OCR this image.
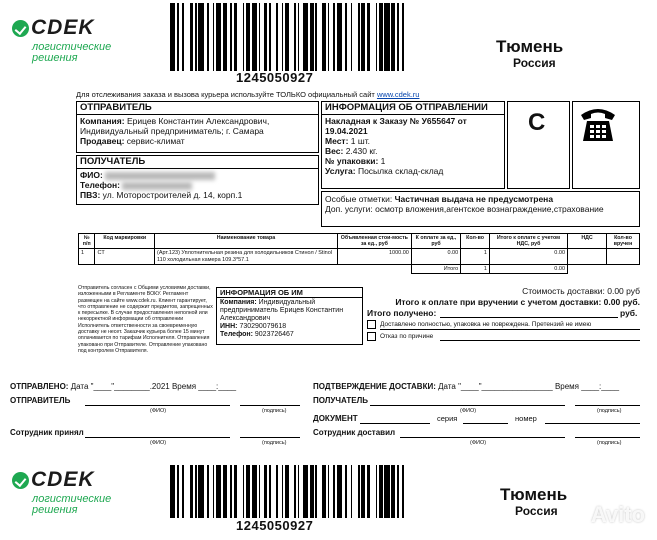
CDEK
логистические
решения
1245050927
Тюмень
Россия
Для отслеживания заказа и вызова курьера используйте ТОЛЬКО официальный сайт www.cdek.ru
ОТПРАВИТЕЛЬ
Компания: Ерицев Константин Александрович, Индивидуальный предприниматель; г. Самара
Продавец: сервис-климат
ПОЛУЧАТЕЛЬ
ФИО:
Телефон:
ПВЗ: ул. Моторостроителей д. 14, корп.1
ИНФОРМАЦИЯ ОБ ОТПРАВЛЕНИИ
Накладная к Заказу № У655647 от 19.04.2021
Мест: 1 шт.
Вес: 2.430 кг.
№ упаковки: 1
Услуга: Посылка склад-склад
C
Особые отметки: Частичная выдача не предусмотрена
Доп. услуги: осмотр вложения,агентское вознаграждение,страхование
№ п/п	Код маркировки	Наименование товара	Объявленная стои-мость за ед., руб	К оплате за ед., руб	Кол-во	Итого к оплате с учетом НДС, руб	НДС	Кол-во вручен
1	CT	(Арт.123) Уплотнительная резина для холодильников Стинол / Stinol 110 холодильная камера 109.3*57.1	1000.00	0.00	1	0.00		
				Итого	1	0.00		
Отправитель согласен с Общими условиями доставки, изложенными в Регламенте ВОКУ. Регламент размещен на сайте www.cdek.ru. Клиент гарантирует, что отправление не содержит предметов, запрещенных к пересылке. В случае предоставления неполной или некорректной информации об отправлении Исполнитель ответственности за своевременную доставку не несет. Заказчик курьера более 15 минут оплачивается по тарифам Исполнителя. Отправления упаковано при Отправителе. Отправление упаковано под контролем Отправителя.
ИНФОРМАЦИЯ ОБ ИМ
Компания: Индивидуальный предприниматель Ерицев Константин Александрович
ИНН: 730290079618
Телефон: 9023726467
Стоимость доставки: 0.00 руб
Итого к оплате при вручении с учетом доставки: 0.00 руб.
Итого получено:	руб.
Доставлено полностью, упаковка не повреждена. Претензий не имею
Отказ по причине
ОТПРАВЛЕНО: Дата "____"________.2021 Время ____:____
ОТПРАВИТЕЛЬ
(ФИО)	(подпись)
Сотрудник принял
(ФИО)	(подпись)
ПОДТВЕРЖДЕНИЕ ДОСТАВКИ: Дата "____"________________ Время ____:____
ПОЛУЧАТЕЛЬ
(ФИО)	(подпись)
ДОКУМЕНТ	серия	номер
Сотрудник доставил
(ФИО)	(подпись)
CDEK
логистические
решения
1245050927
Тюмень
Россия Avito
